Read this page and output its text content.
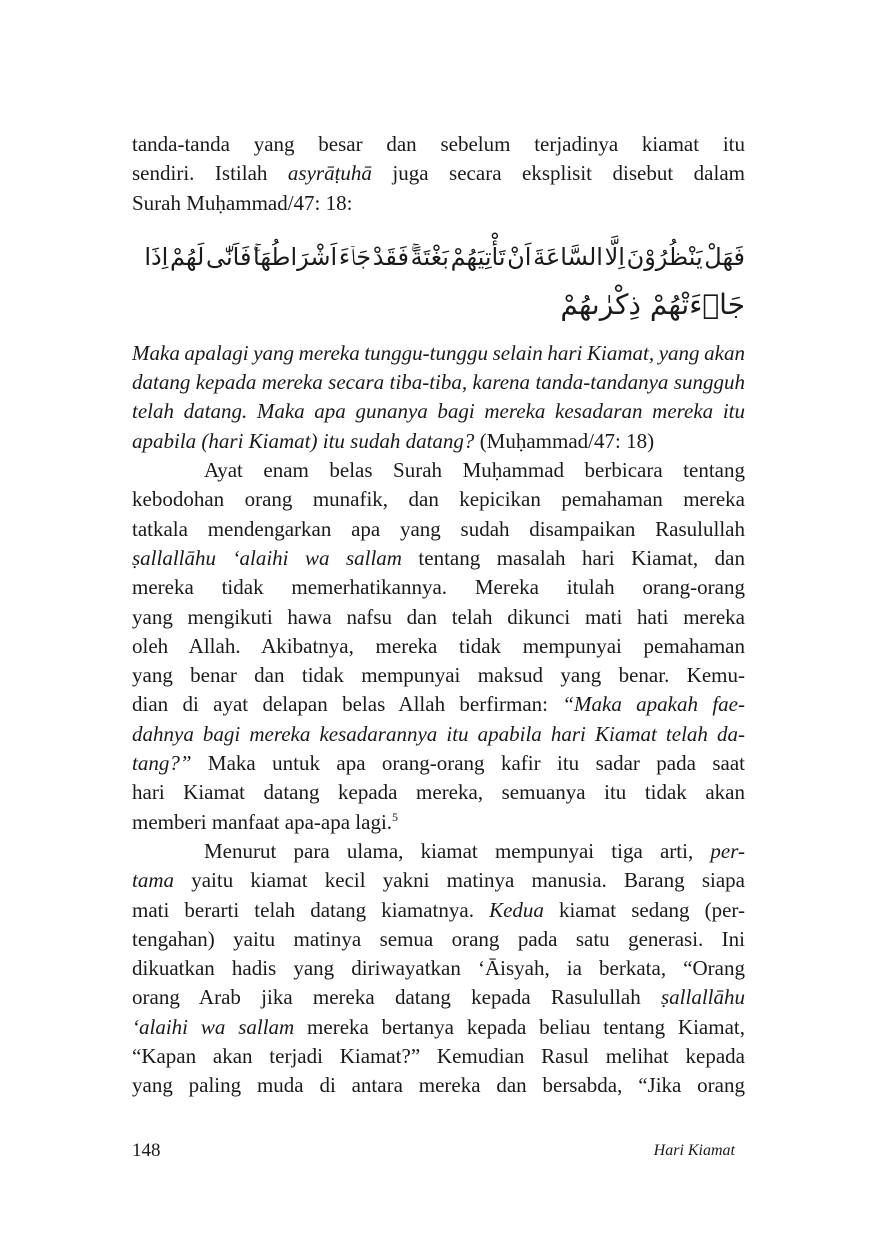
tanda-tanda yang besar dan sebelum terjadinya kiamat itu
sendiri. Istilah asyrāṭuhā juga secara eksplisit disebut dalam
Surah Muḥammad/47: 18:
فَهَلْ يَنْظُرُوْنَ اِلَّا السَّاعَةَ اَنْ تَأْتِيَهُمْ بَغْتَةً ۚ فَقَدْ جَاۤءَ اَشْرَاطُهَا ۚ فَاَنّٰى لَهُمْ اِذَا
جَاۤءَتْهُمْ ذِكْرٰىهُمْ
Maka apalagi yang mereka tunggu-tunggu selain hari Kiamat, yang akan
datang kepada mereka secara tiba-tiba, karena tanda-tandanya sungguh
telah datang. Maka apa gunanya bagi mereka kesadaran mereka itu
apabila (hari Kiamat) itu sudah datang? (Muḥammad/47: 18)
Ayat enam belas Surah Muḥammad berbicara tentang
kebodohan orang munafik, dan kepicikan pemahaman mereka
tatkala mendengarkan apa yang sudah disampaikan Rasulullah
ṣallallāhu ‘alaihi wa sallam tentang masalah hari Kiamat, dan
mereka tidak memerhatikannya. Mereka itulah orang-orang
yang mengikuti hawa nafsu dan telah dikunci mati hati mereka
oleh Allah. Akibatnya, mereka tidak mempunyai pemahaman
yang benar dan tidak mempunyai maksud yang benar. Kemu-
dian di ayat delapan belas Allah berfirman: “Maka apakah fae-
dahnya bagi mereka kesadarannya itu apabila hari Kiamat telah da-
tang?” Maka untuk apa orang-orang kafir itu sadar pada saat
hari Kiamat datang kepada mereka, semuanya itu tidak akan
memberi manfaat apa-apa lagi.$^5$
Menurut para ulama, kiamat mempunyai tiga arti, per-
tama yaitu kiamat kecil yakni matinya manusia. Barang siapa
mati berarti telah datang kiamatnya. Kedua kiamat sedang (per-
tengahan) yaitu matinya semua orang pada satu generasi. Ini
dikuatkan hadis yang diriwayatkan ‘Āisyah, ia berkata, “Orang
orang Arab jika mereka datang kepada Rasulullah ṣallallāhu
‘alaihi wa sallam mereka bertanya kepada beliau tentang Kiamat,
“Kapan akan terjadi Kiamat?” Kemudian Rasul melihat kepada
yang paling muda di antara mereka dan bersabda, “Jika orang
148	Hari Kiamat
